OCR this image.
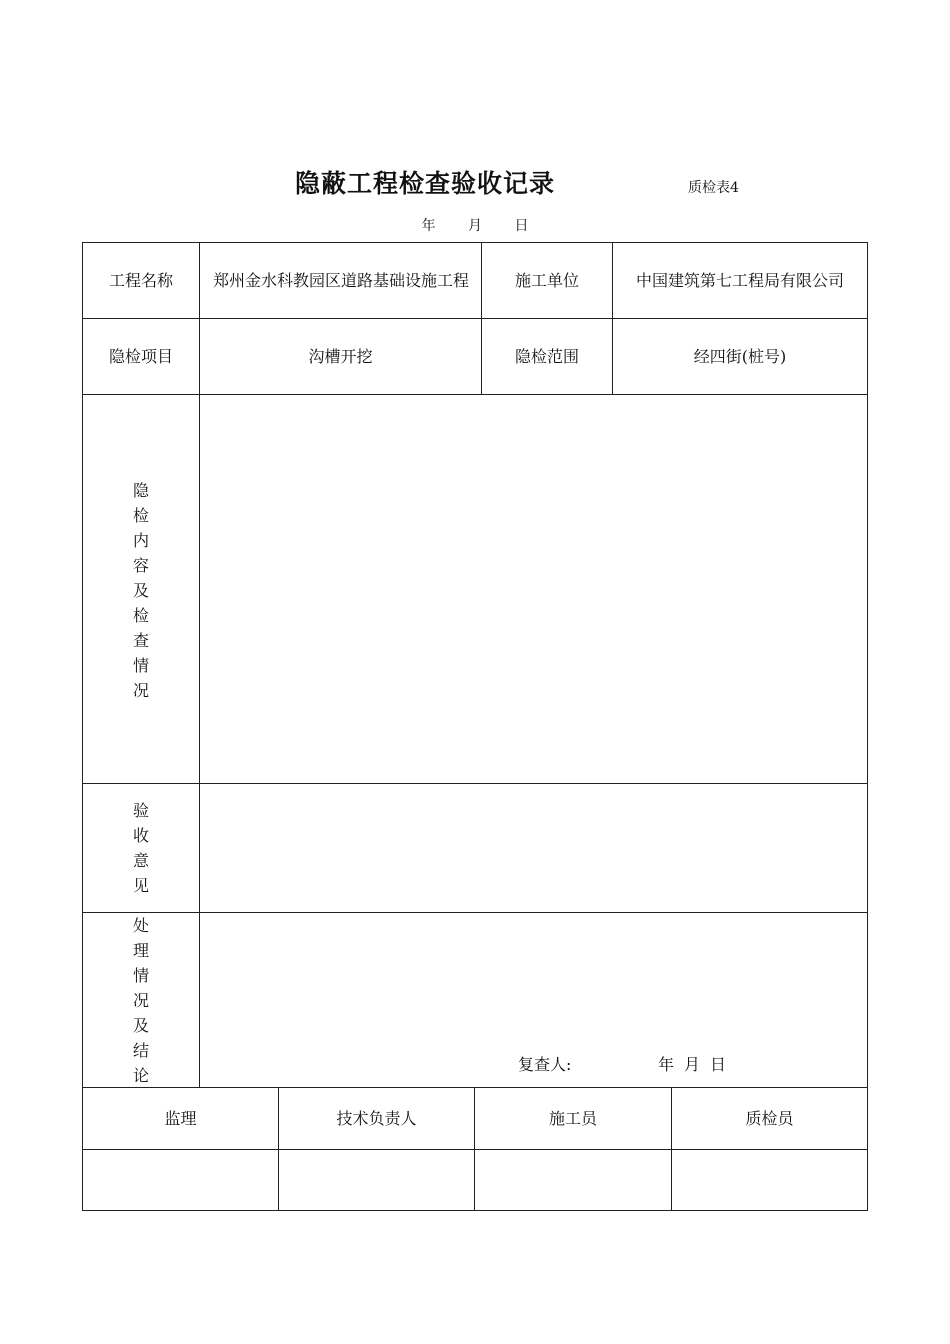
隐蔽工程检查验收记录	质检表4
年 月 日
工程名称	郑州金水科教园区道路基础设施工程	施工单位	中国建筑第七工程局有限公司
隐检项目	沟槽开挖	隐检范围	经四街(桩号)
隐
检
内
容
及
检
查
情
况
验
收
意
见
处
理
情
况
及
结
论
复查人:	年 月 日
监理	技术负责人	施工员	质检员
